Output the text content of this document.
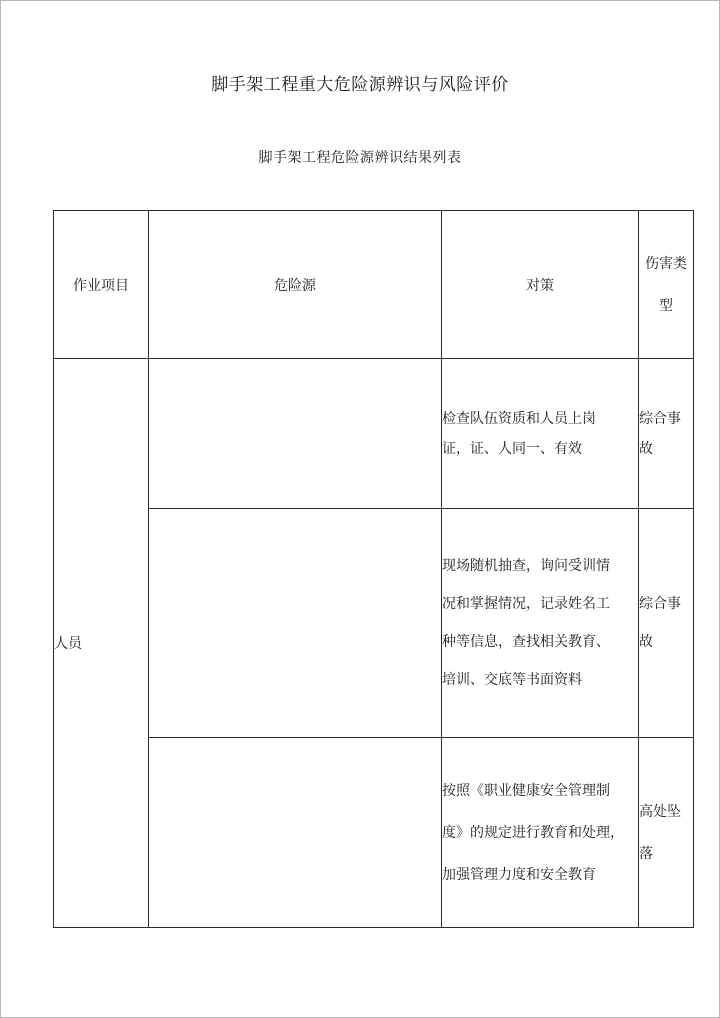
脚手架工程重大危险源辨识与风险评价
脚手架工程危险源辨识结果列表
作业项目	危险源	对策	伤害类
型
人员		检查队伍资质和人员上岗
证，证、人同一、有效	综合事
故

		现场随机抽查，询问受训情
况和掌握情况，记录姓名工
种等信息，查找相关教育、
培训、交底等书面资料	综合事
故

		按照《职业健康安全管理制
度》的规定进行教育和处理，
加强管理力度和安全教育	高处坠
落
